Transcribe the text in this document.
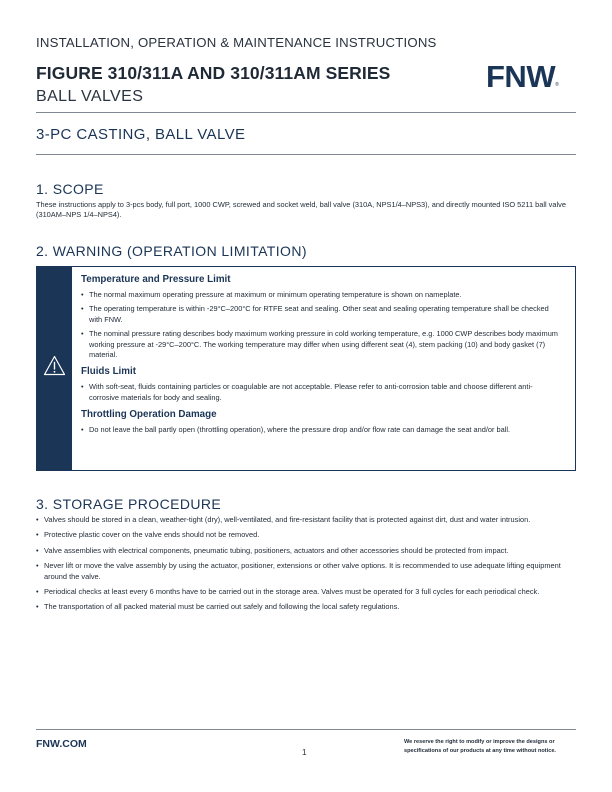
INSTALLATION, OPERATION & MAINTENANCE INSTRUCTIONS
FIGURE 310/311A AND 310/311AM SERIES
BALL VALVES
FNW®
3-PC CASTING, BALL VALVE
1. SCOPE
These instructions apply to 3-pcs body, full port, 1000 CWP, screwed and socket weld, ball valve (310A, NPS1/4–NPS3), and directly mounted ISO 5211 ball valve (310AM–NPS 1/4–NPS4).
2. WARNING (OPERATION LIMITATION)
Temperature and Pressure Limit
• The normal maximum operating pressure at maximum or minimum operating temperature is shown on nameplate.
• The operating temperature is within -29°C–200°C for RTFE seat and sealing. Other seat and sealing operating temperature shall be checked with FNW.
• The nominal pressure rating describes body maximum working pressure in cold working temperature, e.g. 1000 CWP describes body maximum working pressure at -29°C–200°C. The working temperature may differ when using different seat (4), stem packing (10) and body gasket (7) material.
Fluids Limit
• With soft-seat, fluids containing particles or coagulable are not acceptable. Please refer to anti-corrosion table and choose different anti-corrosive materials for body and sealing.
Throttling Operation Damage
• Do not leave the ball partly open (throttling operation), where the pressure drop and/or flow rate can damage the seat and/or ball.
3. STORAGE PROCEDURE
• Valves should be stored in a clean, weather-tight (dry), well-ventilated, and fire-resistant facility that is protected against dirt, dust and water intrusion.
• Protective plastic cover on the valve ends should not be removed.
• Valve assemblies with electrical components, pneumatic tubing, positioners, actuators and other accessories should be protected from impact.
• Never lift or move the valve assembly by using the actuator, positioner, extensions or other valve options. It is recommended to use adequate lifting equipment around the valve.
• Periodical checks at least every 6 months have to be carried out in the storage area. Valves must be operated for 3 full cycles for each periodical check.
• The transportation of all packed material must be carried out safely and following the local safety regulations.
FNW.COM
1
We reserve the right to modify or improve the designs or specifications of our products at any time without notice.
